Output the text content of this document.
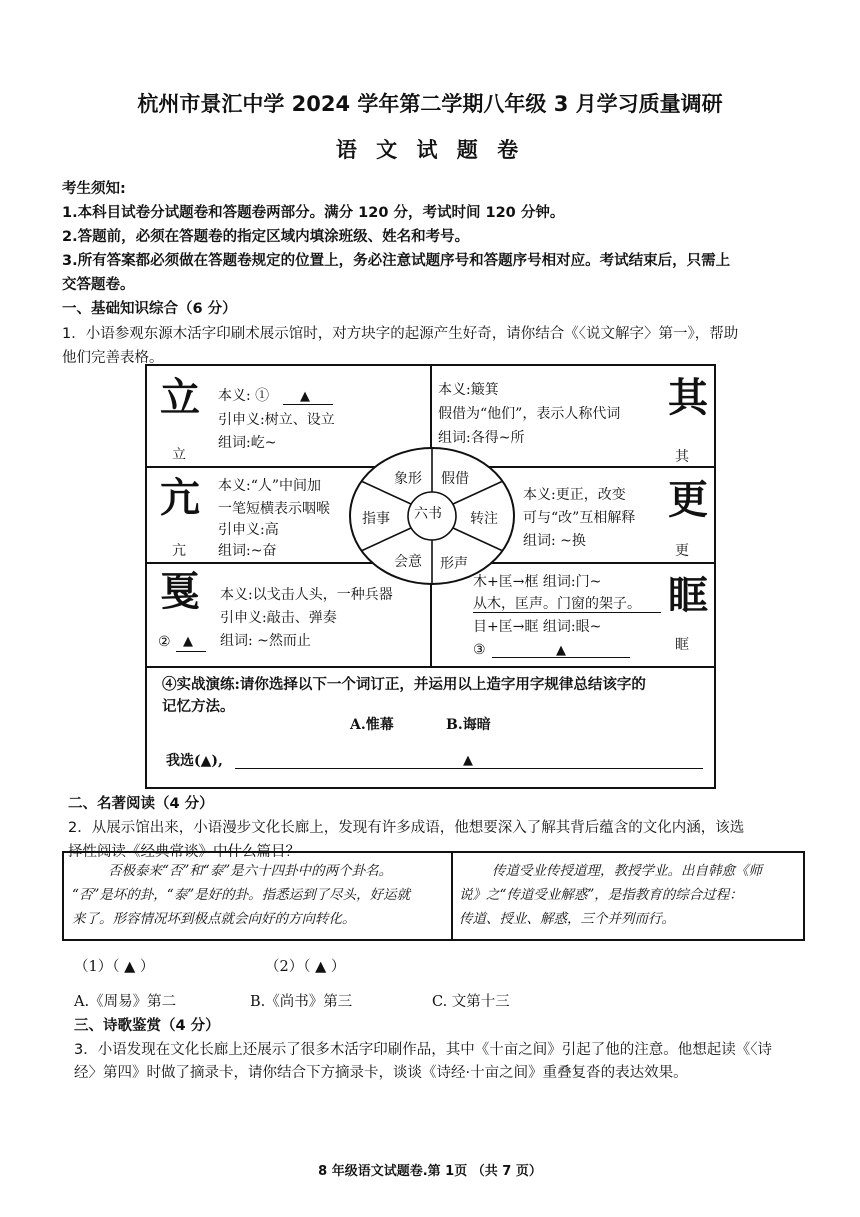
杭州市景汇中学 2024 学年第二学期八年级 3 月学习质量调研
语 文 试 题 卷
考生须知:
1.本科目试卷分试题卷和答题卷两部分。满分 120 分，考试时间 120 分钟。
2.答题前，必须在答题卷的指定区域内填涂班级、姓名和考号。
3.所有答案都必须做在答题卷规定的位置上，务必注意试题序号和答题序号相对应。考试结束后，只需上
交答题卷。
一、基础知识综合（6 分）
1．小语参观东源木活字印刷术展示馆时，对方块字的起源产生好奇，请你结合《〈说文解字〉第一》，帮助
他们完善表格。
六书
象形 假借
转注
形声
会意
指事
立
立
本义: ① ▲
引申义:树立、设立
组词:屹~
本义:簸箕
假借为“他们”，表示人称代词
组词:各得~所
其
其
亢
亢
本义:“人”中间加
一笔短横表示咽喉
引申义:高
组词:~奋
本义:更正，改变
可与“改”互相解释
组词: ~换
更
更
戛
② ▲
本义:以戈击人头，一种兵器
引申义:敲击、弹奏
组词: ~然而止
木+匡→框 组词:门~
从木，匡声。门窗的架子。
目+匡→眶 组词:眼~
③	▲
眶
眶
④实战演练:请你选择以下一个词订正，并运用以上造字用字规律总结该字的
记忆方法。
A.惟幕	B.诲暗
我选(▲),	▲
二、名著阅读（4 分）
2．从展示馆出来，小语漫步文化长廊上，发现有许多成语，他想要深入了解其背后蕴含的文化内涵，该选
择性阅读《经典常谈》中什么篇目？
否极泰来“否”和“泰”是六十四卦中的两个卦名。
“否”是坏的卦，“泰”是好的卦。指悉运到了尽头，好运就
来了。形容情况坏到极点就会向好的方向转化。
传道受业传授道理，教授学业。出自韩愈《师
说》之“传道受业解惑”，是指教育的综合过程：
传道、授业、解惑，三个并列而行。
（1）（ ▲ ）	（2）（ ▲ ）
A.《周易》第二	B.《尚书》第三	C. 文第十三
三、诗歌鉴赏（4 分）
3．小语发现在文化长廊上还展示了很多木活字印刷作品，其中《十亩之间》引起了他的注意。他想起读《〈诗
经〉第四》时做了摘录卡，请你结合下方摘录卡，谈谈《诗经·十亩之间》重叠复沓的表达效果。
8 年级语文试题卷.第 1页 （共 7 页）
